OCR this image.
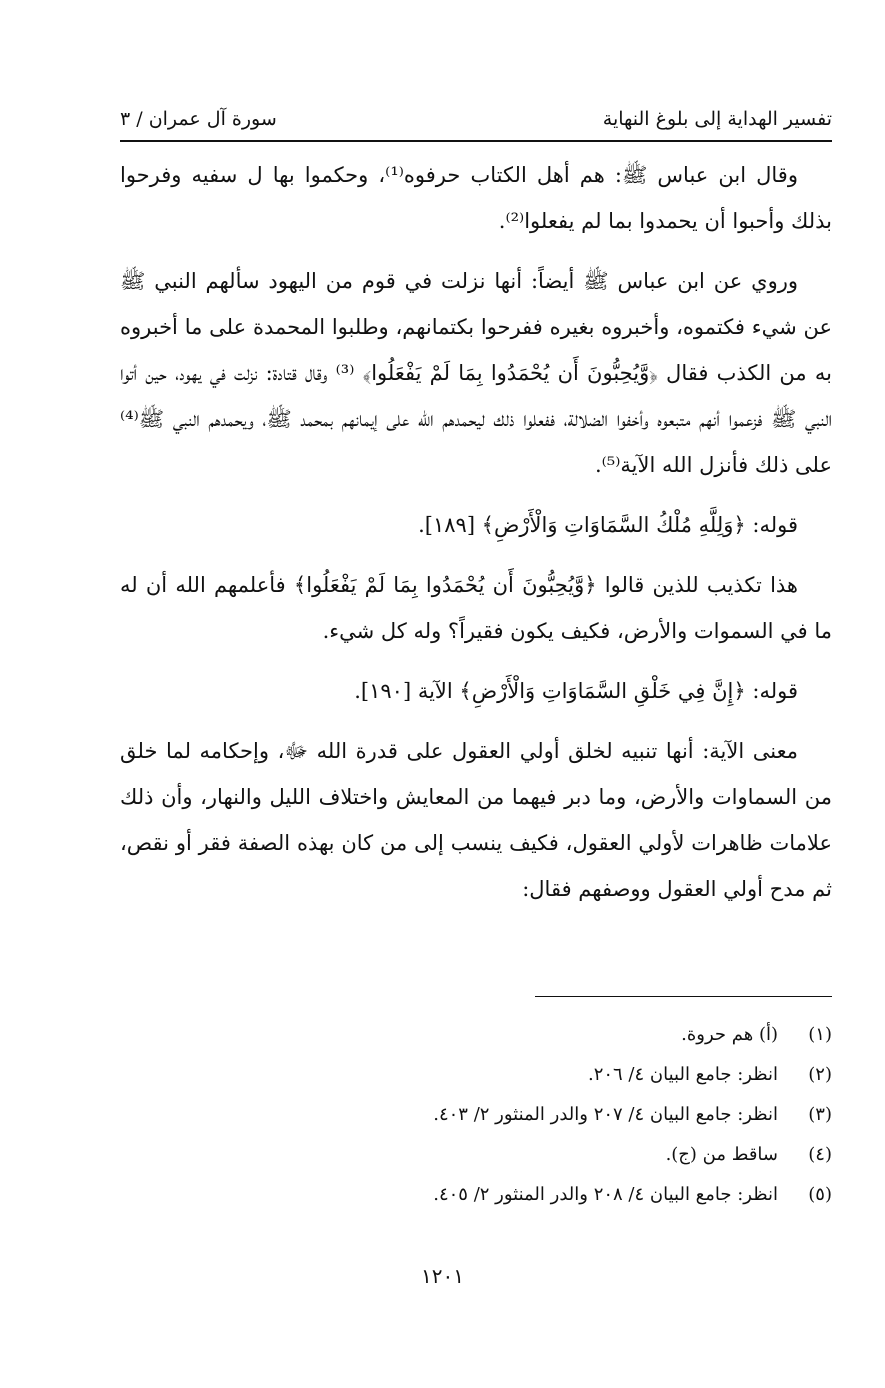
تفسير الهداية إلى بلوغ النهاية
سورة آل عمران / ٣

وقال ابن عباس ﷺ: هم أهل الكتاب حرفوه⁽¹⁾، وحكموا بها ل سفيه وفرحوا بذلك وأحبوا أن يحمدوا بما لم يفعلوا⁽²⁾.

وروي عن ابن عباس ﷺ أيضاً: أنها نزلت في قوم من اليهود سألهم النبي ﷺ عن شيء فكتموه، وأخبروه بغيره ففرحوا بكتمانهم، وطلبوا المحمدة على ما أخبروه به من الكذب فقال ﴿وَّيُحِبُّونَ أَن يُحْمَدُوا بِمَا لَمْ يَفْعَلُوا﴾ ⁽³⁾ وقال قتادة: نزلت في يهود، حين أتوا النبي ﷺ فزعموا أنهم متبعوه وأخفوا الضلالة، ففعلوا ذلك ليحمدهم الله على إيمانهم بمحمد ﷺ، ويحمدهم النبي ﷺ⁽⁴⁾ على ذلك فأنزل الله الآية⁽⁵⁾.

قوله: ﴿وَلِلَّهِ مُلْكُ السَّمَاوَاتِ وَالْأَرْضِ﴾ [١٨٩].

هذا تكذيب للذين قالوا ﴿وَّيُحِبُّونَ أَن يُحْمَدُوا بِمَا لَمْ يَفْعَلُوا﴾ فأعلمهم الله أن له ما في السموات والأرض، فكيف يكون فقيراً؟ وله كل شيء.

قوله: ﴿إِنَّ فِي خَلْقِ السَّمَاوَاتِ وَالْأَرْضِ﴾ الآية [١٩٠].

معنى الآية: أنها تنبيه لخلق أولي العقول على قدرة الله ﷻ، وإحكامه لما خلق من السماوات والأرض، وما دبر فيهما من المعايش واختلاف الليل والنهار، وأن ذلك علامات ظاهرات لأولي العقول، فكيف ينسب إلى من كان بهذه الصفة فقر أو نقص، ثم مدح أولي العقول ووصفهم فقال:

(١)
(أ) هم حروة.
(٢)
انظر: جامع البيان ٤/ ٢٠٦.
(٣)
انظر: جامع البيان ٤/ ٢٠٧ والدر المنثور ٢/ ٤٠٣.
(٤)
ساقط من (ج).
(٥)
انظر: جامع البيان ٤/ ٢٠٨ والدر المنثور ٢/ ٤٠٥.
١٢٠١
